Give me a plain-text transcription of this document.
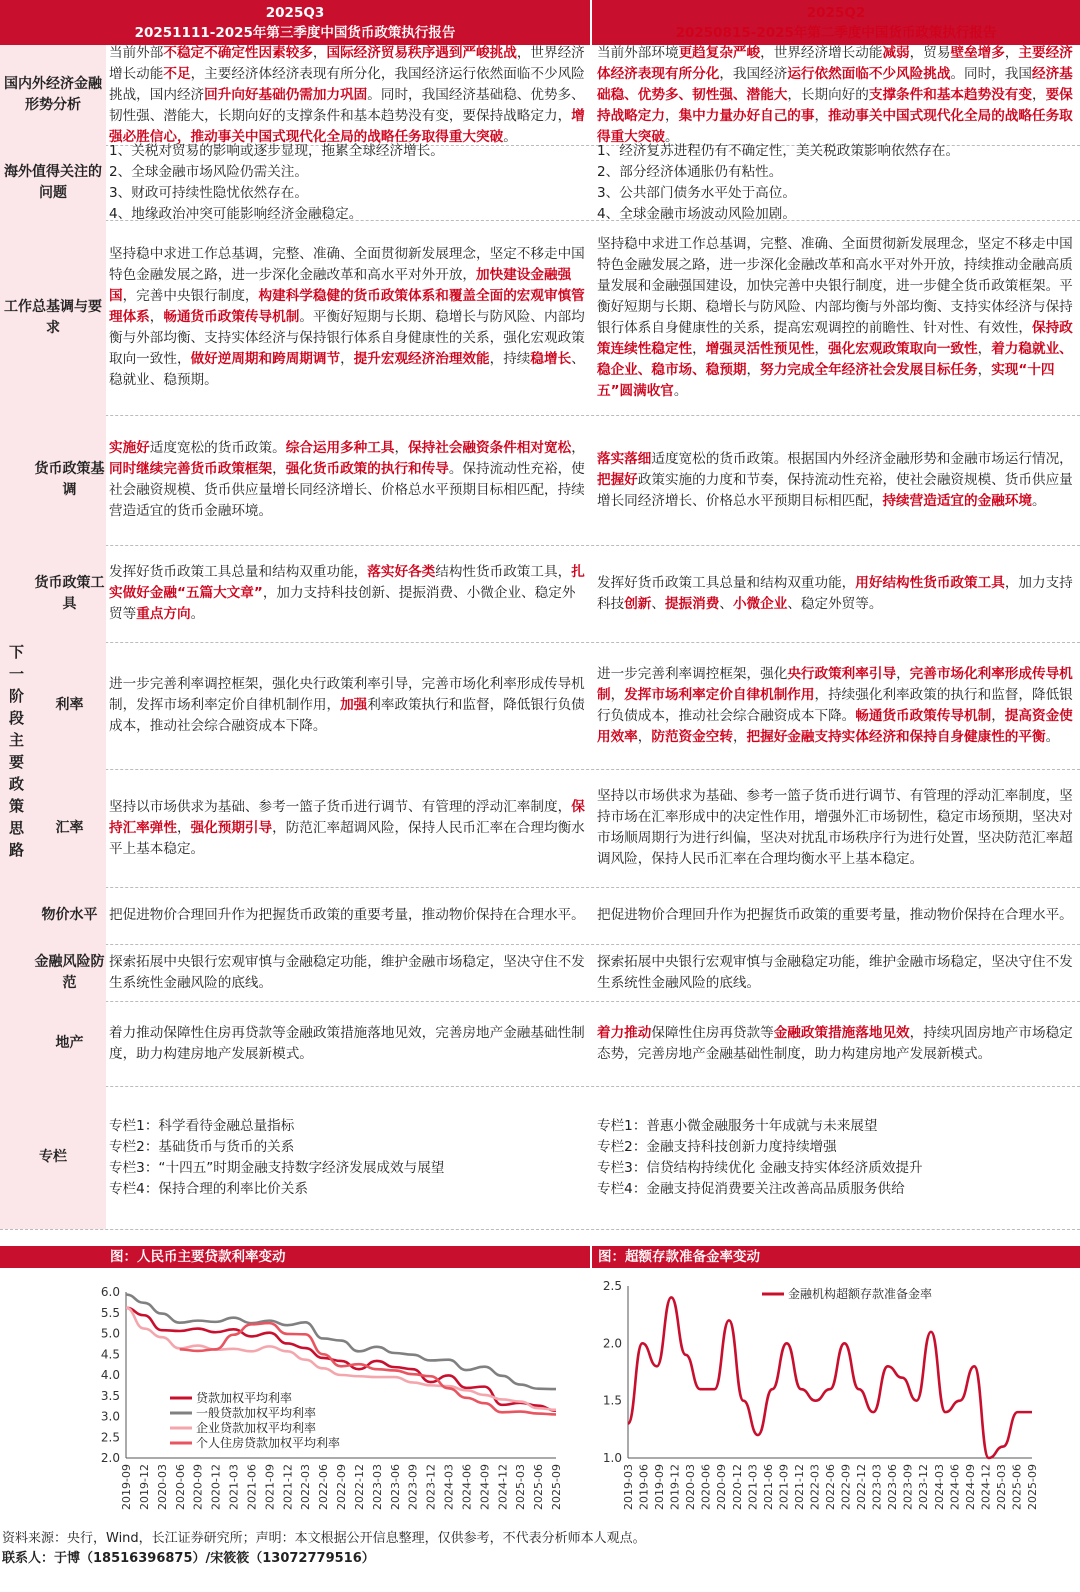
2025Q3
20251111-2025年第三季度中国货币政策执行报告
2025Q2
20250815-2025年第二季度中国货币政策执行报告
国内外经济金融形势分析
当前外部不稳定不确定性因素较多，国际经济贸易秩序遇到严峻挑战，世界经济增长动能不足，主要经济体经济表现有所分化，我国经济运行依然面临不少风险挑战，国内经济回升向好基础仍需加力巩固。同时，我国经济基础稳、优势多、韧性强、潜能大，长期向好的支撑条件和基本趋势没有变，要保持战略定力，增强必胜信心，推动事关中国式现代化全局的战略任务取得重大突破。
当前外部环境更趋复杂严峻，世界经济增长动能减弱，贸易壁垒增多，主要经济体经济表现有所分化，我国经济运行依然面临不少风险挑战。同时，我国经济基础稳、优势多、韧性强、潜能大，长期向好的支撑条件和基本趋势没有变，要保持战略定力，集中力量办好自己的事，推动事关中国式现代化全局的战略任务取得重大突破。
海外值得关注的问题
1、关税对贸易的影响或逐步显现，拖累全球经济增长。
2、全球金融市场风险仍需关注。
3、财政可持续性隐忧依然存在。
4、地缘政治冲突可能影响经济金融稳定。
1、经济复苏进程仍有不确定性，美关税政策影响依然存在。
2、部分经济体通胀仍有粘性。
3、公共部门债务水平处于高位。
4、全球金融市场波动风险加剧。
工作总基调与要求
坚持稳中求进工作总基调，完整、准确、全面贯彻新发展理念，坚定不移走中国特色金融发展之路，进一步深化金融改革和高水平对外开放，加快建设金融强国，完善中央银行制度，构建科学稳健的货币政策体系和覆盖全面的宏观审慎管理体系，畅通货币政策传导机制。平衡好短期与长期、稳增长与防风险、内部均衡与外部均衡、支持实体经济与保持银行体系自身健康性的关系，强化宏观政策取向一致性，做好逆周期和跨周期调节，提升宏观经济治理效能，持续稳增长、稳就业、稳预期。
坚持稳中求进工作总基调，完整、准确、全面贯彻新发展理念，坚定不移走中国特色金融发展之路，进一步深化金融改革和高水平对外开放，持续推动金融高质量发展和金融强国建设，加快完善中央银行制度，进一步健全货币政策框架。平衡好短期与长期、稳增长与防风险、内部均衡与外部均衡、支持实体经济与保持银行体系自身健康性的关系，提高宏观调控的前瞻性、针对性、有效性，保持政策连续性稳定性，增强灵活性预见性，强化宏观政策取向一致性，着力稳就业、稳企业、稳市场、稳预期，努力完成全年经济社会发展目标任务，实现“十四五”圆满收官。
货币政策基调
实施好适度宽松的货币政策。综合运用多种工具，保持社会融资条件相对宽松，同时继续完善货币政策框架，强化货币政策的执行和传导。保持流动性充裕，使社会融资规模、货币供应量增长同经济增长、价格总水平预期目标相匹配，持续营造适宜的货币金融环境。
落实落细适度宽松的货币政策。根据国内外经济金融形势和金融市场运行情况，把握好政策实施的力度和节奏，保持流动性充裕，使社会融资规模、货币供应量增长同经济增长、价格总水平预期目标相匹配，持续营造适宜的金融环境。
货币政策工具
发挥好货币政策工具总量和结构双重功能，落实好各类结构性货币政策工具，扎实做好金融“五篇大文章”，加力支持科技创新、提振消费、小微企业、稳定外贸等重点方向。
发挥好货币政策工具总量和结构双重功能，用好结构性货币政策工具，加力支持科技创新、提振消费、小微企业、稳定外贸等。
利率
进一步完善利率调控框架，强化央行政策利率引导，完善市场化利率形成传导机制，发挥市场利率定价自律机制作用，加强利率政策执行和监督，降低银行负债成本，推动社会综合融资成本下降。
进一步完善利率调控框架，强化央行政策利率引导，完善市场化利率形成传导机制，发挥市场利率定价自律机制作用，持续强化利率政策的执行和监督，降低银行负债成本，推动社会综合融资成本下降。畅通货币政策传导机制，提高资金使用效率，防范资金空转，把握好金融支持实体经济和保持自身健康性的平衡。
汇率
坚持以市场供求为基础、参考一篮子货币进行调节、有管理的浮动汇率制度，保持汇率弹性，强化预期引导，防范汇率超调风险，保持人民币汇率在合理均衡水平上基本稳定。
坚持以市场供求为基础、参考一篮子货币进行调节、有管理的浮动汇率制度，坚持市场在汇率形成中的决定性作用，增强外汇市场韧性，稳定市场预期，坚决对市场顺周期行为进行纠偏，坚决对扰乱市场秩序行为进行处置，坚决防范汇率超调风险，保持人民币汇率在合理均衡水平上基本稳定。
物价水平 把促进物价合理回升作为把握货币政策的重要考量，推动物价保持在合理水平。 把促进物价合理回升作为把握货币政策的重要考量，推动物价保持在合理水平。
金融风险防范
探索拓展中央银行宏观审慎与金融稳定功能，维护金融市场稳定，坚决守住不发生系统性金融风险的底线。
探索拓展中央银行宏观审慎与金融稳定功能，维护金融市场稳定，坚决守住不发生系统性金融风险的底线。
地产
着力推动保障性住房再贷款等金融政策措施落地见效，完善房地产金融基础性制度，助力构建房地产发展新模式。
着力推动保障性住房再贷款等金融政策措施落地见效，持续巩固房地产市场稳定态势，完善房地产金融基础性制度，助力构建房地产发展新模式。
专栏
专栏1：科学看待金融总量指标
专栏2：基础货币与货币的关系
专栏3：“十四五”时期金融支持数字经济发展成效与展望
专栏4：保持合理的利率比价关系
专栏1：普惠小微金融服务十年成就与未来展望
专栏2：金融支持科技创新力度持续增强
专栏3：信贷结构持续优化 金融支持实体经济质效提升
专栏4：金融支持促消费要关注改善高品质服务供给
下
一
阶
段
主
要
政
策
思
路
图：人民币主要贷款利率变动	图：超额存款准备金率变动
6.0
5.5
5.0
4.5
4.0
3.5
3.0
2.5
2.0
2019-09 2019-12 2020-03 2020-06 2020-09 2020-12 2021-03 2021-06 2021-09 2021-12 2022-03 2022-06 2022-09 2022-12 2023-03 2023-06 2023-09 2023-12 2024-03 2024-06 2024-09 2024-12 2025-03 2025-06 2025-09
贷款加权平均利率
一般贷款加权平均利率
企业贷款加权平均利率
个人住房贷款加权平均利率
2.5
2.0
1.5
1.0
2019-03 2019-06 2019-09 2019-12 2020-03 2020-06 2020-09 2020-12 2021-03 2021-06 2021-09 2021-12 2022-03 2022-06 2022-09 2022-12 2023-03 2023-06 2023-09 2023-12 2024-03 2024-06 2024-09 2024-12 2025-03 2025-06 2025-09
金融机构超额存款准备金率
资料来源：央行，Wind，长江证券研究所；声明：本文根据公开信息整理，仅供参考，不代表分析师本人观点。
联系人：于博（18516396875）/宋筱筱（13072779516）
